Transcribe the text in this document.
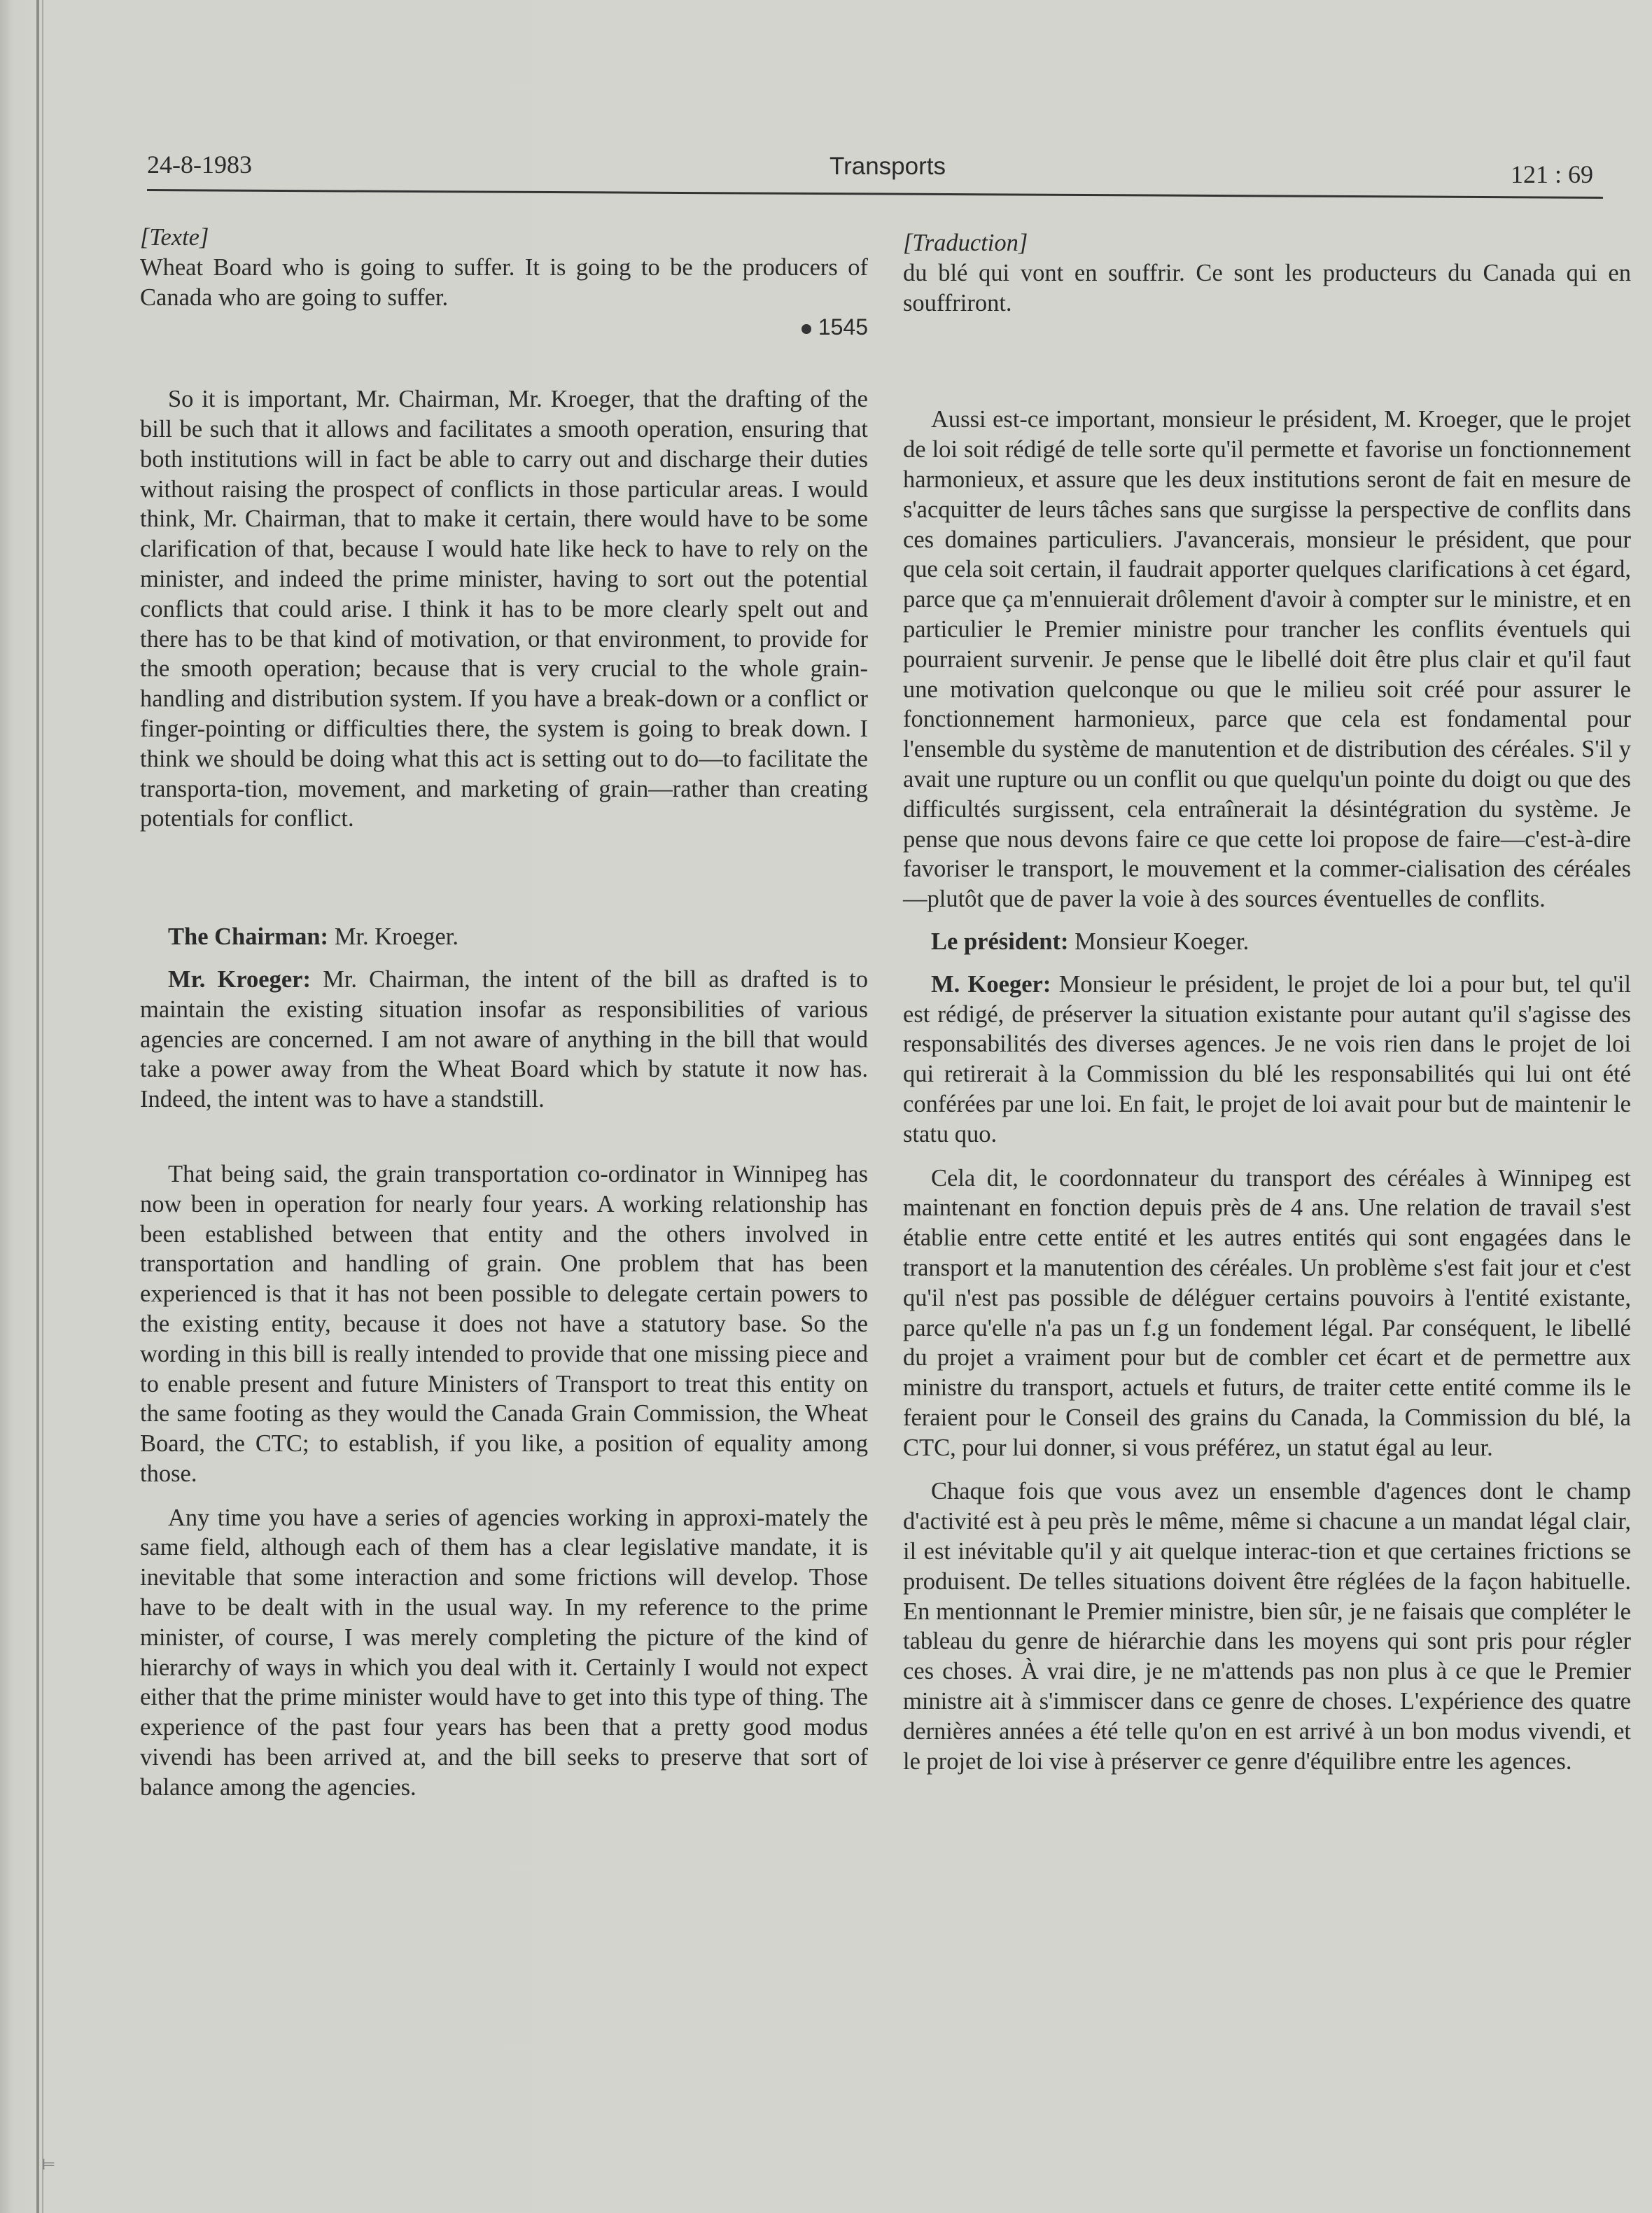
24-8-1983	Transports	121 : 69

[Texte]

Wheat Board who is going to suffer. It is going to be the producers of Canada who are going to suffer.

1545

So it is important, Mr. Chairman, Mr. Kroeger, that the drafting of the bill be such that it allows and facilitates a smooth operation, ensuring that both institutions will in fact be able to carry out and discharge their duties without raising the prospect of conflicts in those particular areas. I would think, Mr. Chairman, that to make it certain, there would have to be some clarification of that, because I would hate like heck to have to rely on the minister, and indeed the prime minister, having to sort out the potential conflicts that could arise. I think it has to be more clearly spelt out and there has to be that kind of motivation, or that environment, to provide for the smooth operation; because that is very crucial to the whole grain-handling and distribution system. If you have a break-down or a conflict or finger-pointing or difficulties there, the system is going to break down. I think we should be doing what this act is setting out to do—to facilitate the transporta-tion, movement, and marketing of grain—rather than creating potentials for conflict.

The Chairman: Mr. Kroeger.

Mr. Kroeger: Mr. Chairman, the intent of the bill as drafted is to maintain the existing situation insofar as responsibilities of various agencies are concerned. I am not aware of anything in the bill that would take a power away from the Wheat Board which by statute it now has. Indeed, the intent was to have a standstill.

That being said, the grain transportation co-ordinator in Winnipeg has now been in operation for nearly four years. A working relationship has been established between that entity and the others involved in transportation and handling of grain. One problem that has been experienced is that it has not been possible to delegate certain powers to the existing entity, because it does not have a statutory base. So the wording in this bill is really intended to provide that one missing piece and to enable present and future Ministers of Transport to treat this entity on the same footing as they would the Canada Grain Commission, the Wheat Board, the CTC; to establish, if you like, a position of equality among those.

Any time you have a series of agencies working in approxi-mately the same field, although each of them has a clear legislative mandate, it is inevitable that some interaction and some frictions will develop. Those have to be dealt with in the usual way. In my reference to the prime minister, of course, I was merely completing the picture of the kind of hierarchy of ways in which you deal with it. Certainly I would not expect either that the prime minister would have to get into this type of thing. The experience of the past four years has been that a pretty good modus vivendi has been arrived at, and the bill seeks to preserve that sort of balance among the agencies.

[Traduction]

du blé qui vont en souffrir. Ce sont les producteurs du Canada qui en souffriront.

Aussi est-ce important, monsieur le président, M. Kroeger, que le projet de loi soit rédigé de telle sorte qu'il permette et favorise un fonctionnement harmonieux, et assure que les deux institutions seront de fait en mesure de s'acquitter de leurs tâches sans que surgisse la perspective de conflits dans ces domaines particuliers. J'avancerais, monsieur le président, que pour que cela soit certain, il faudrait apporter quelques clarifications à cet égard, parce que ça m'ennuierait drôlement d'avoir à compter sur le ministre, et en particulier le Premier ministre pour trancher les conflits éventuels qui pourraient survenir. Je pense que le libellé doit être plus clair et qu'il faut une motivation quelconque ou que le milieu soit créé pour assurer le fonctionnement harmonieux, parce que cela est fondamental pour l'ensemble du système de manutention et de distribution des céréales. S'il y avait une rupture ou un conflit ou que quelqu'un pointe du doigt ou que des difficultés surgissent, cela entraînerait la désintégration du système. Je pense que nous devons faire ce que cette loi propose de faire—c'est-à-dire favoriser le transport, le mouvement et la commer-cialisation des céréales—plutôt que de paver la voie à des sources éventuelles de conflits.

Le président: Monsieur Koeger.

M. Koeger: Monsieur le président, le projet de loi a pour but, tel qu'il est rédigé, de préserver la situation existante pour autant qu'il s'agisse des responsabilités des diverses agences. Je ne vois rien dans le projet de loi qui retirerait à la Commission du blé les responsabilités qui lui ont été conférées par une loi. En fait, le projet de loi avait pour but de maintenir le statu quo.

Cela dit, le coordonnateur du transport des céréales à Winnipeg est maintenant en fonction depuis près de 4 ans. Une relation de travail s'est établie entre cette entité et les autres entités qui sont engagées dans le transport et la manutention des céréales. Un problème s'est fait jour et c'est qu'il n'est pas possible de déléguer certains pouvoirs à l'entité existante, parce qu'elle n'a pas un f.g un fondement légal. Par conséquent, le libellé du projet a vraiment pour but de combler cet écart et de permettre aux ministre du transport, actuels et futurs, de traiter cette entité comme ils le feraient pour le Conseil des grains du Canada, la Commission du blé, la CTC, pour lui donner, si vous préférez, un statut égal au leur.

Chaque fois que vous avez un ensemble d'agences dont le champ d'activité est à peu près le même, même si chacune a un mandat légal clair, il est inévitable qu'il y ait quelque interac-tion et que certaines frictions se produisent. De telles situations doivent être réglées de la façon habituelle. En mentionnant le Premier ministre, bien sûr, je ne faisais que compléter le tableau du genre de hiérarchie dans les moyens qui sont pris pour régler ces choses. À vrai dire, je ne m'attends pas non plus à ce que le Premier ministre ait à s'immiscer dans ce genre de choses. L'expérience des quatre dernières années a été telle qu'on en est arrivé à un bon modus vivendi, et le projet de loi vise à préserver ce genre d'équilibre entre les agences.

⊨
